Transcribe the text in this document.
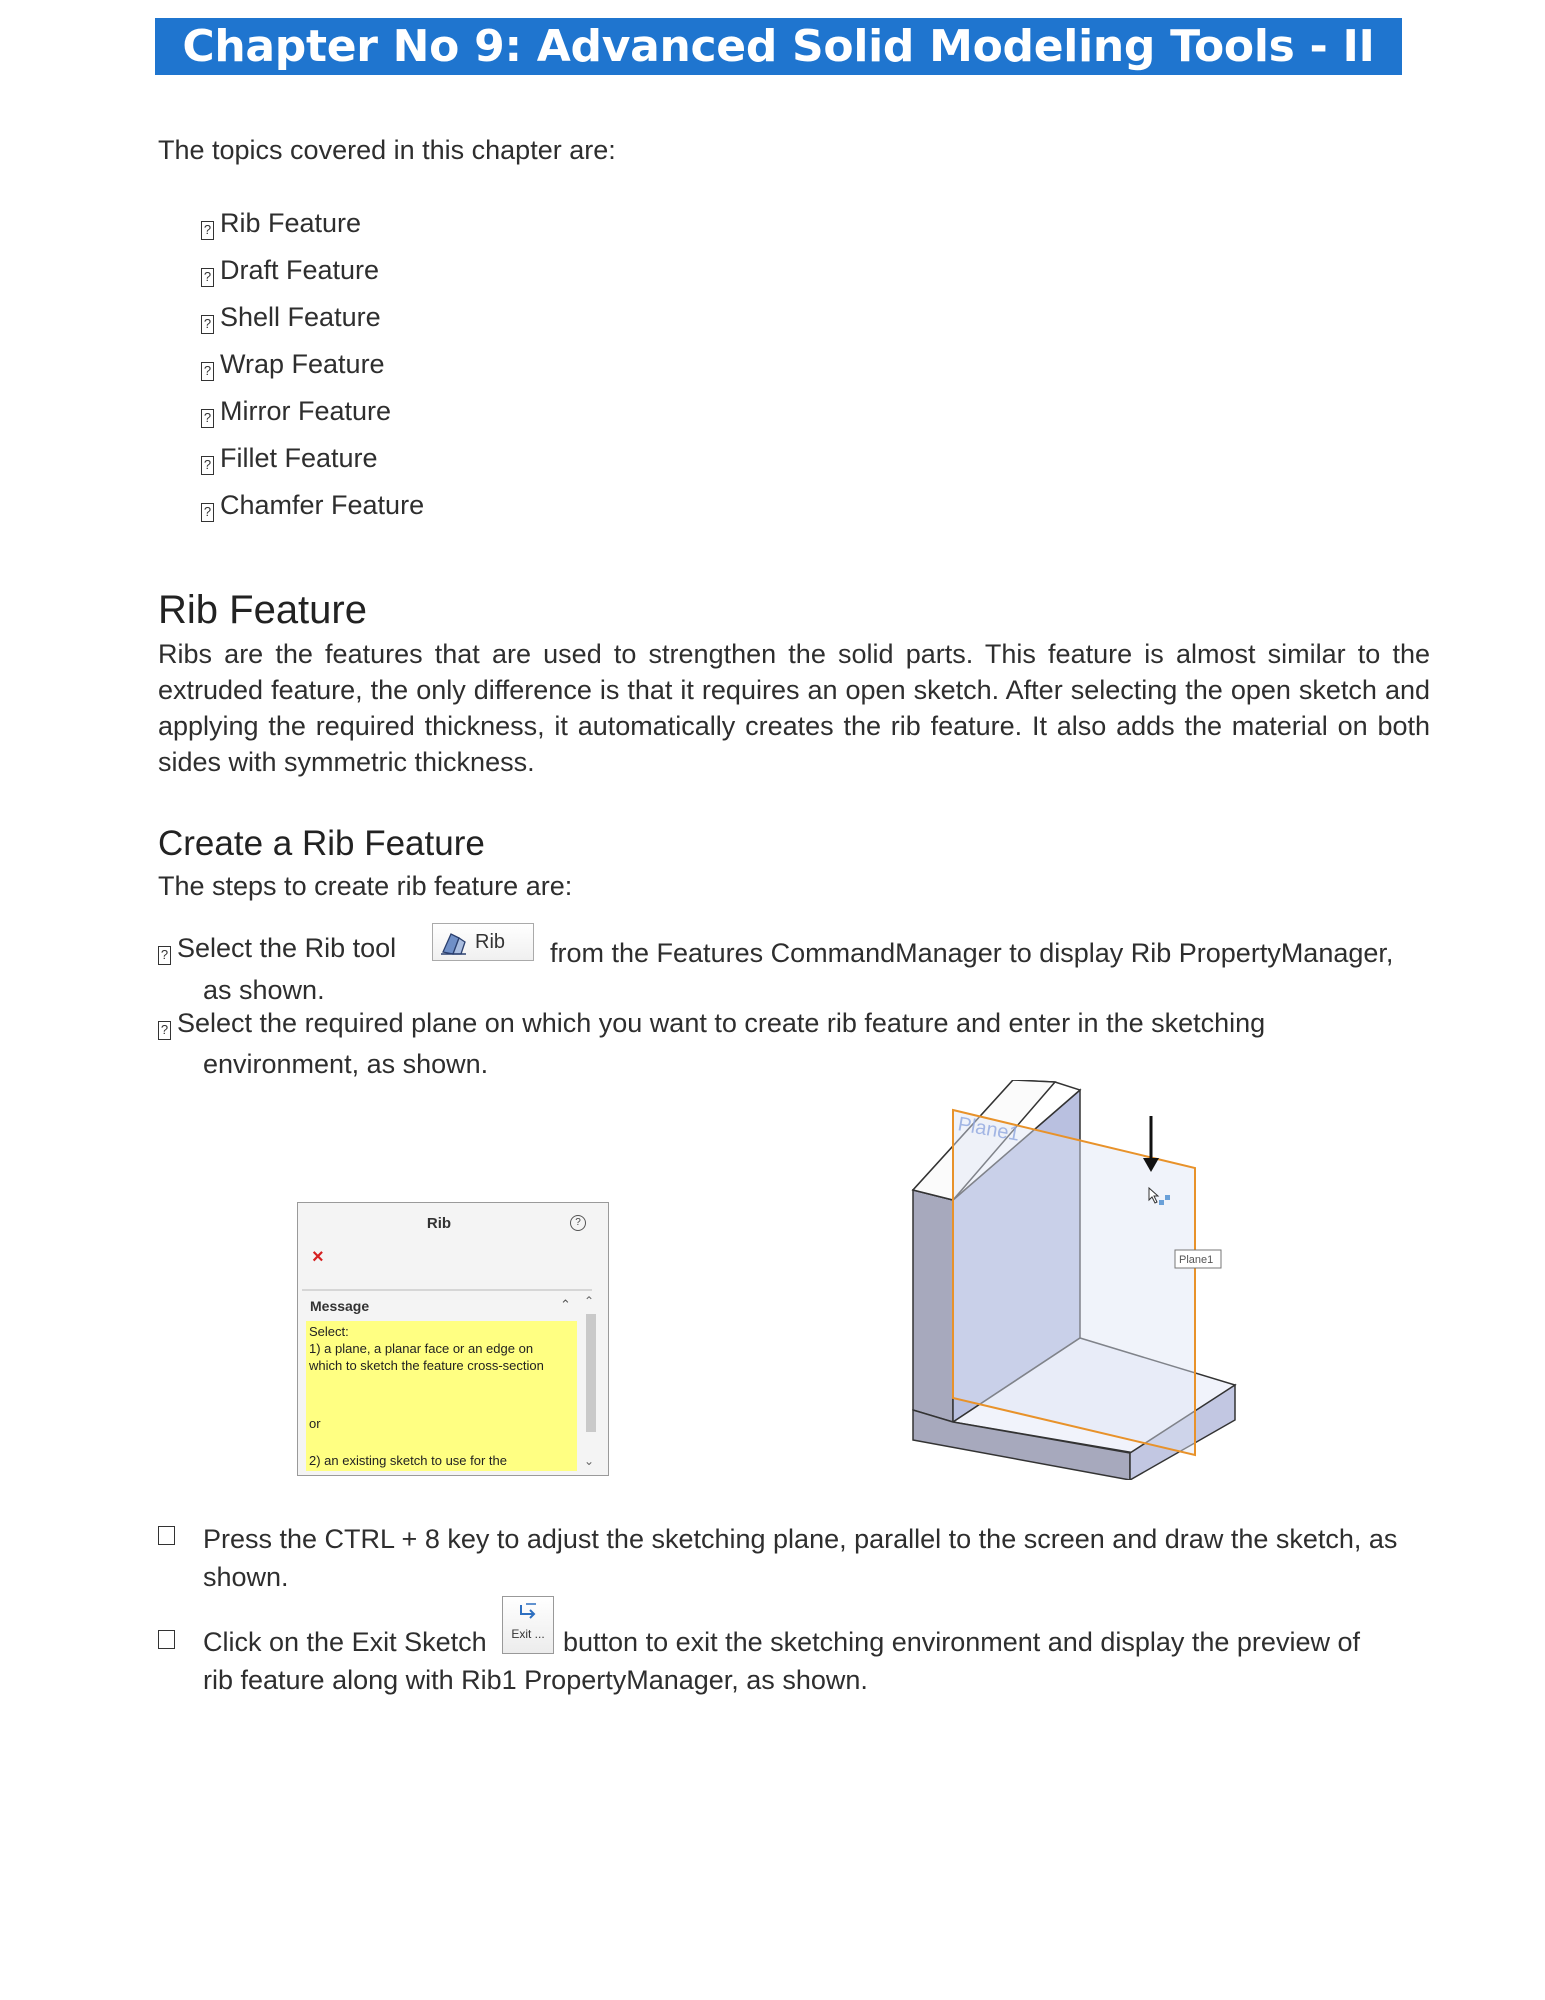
Chapter No 9: Advanced Solid Modeling Tools - II
The topics covered in this chapter are:
? Rib Feature
? Draft Feature
? Shell Feature
? Wrap Feature
? Mirror Feature
? Fillet Feature
? Chamfer Feature
Rib Feature
Ribs are the features that are used to strengthen the solid parts. This feature is almost similar to the extruded feature, the only difference is that it requires an open sketch. After selecting the open sketch and applying the required thickness, it automatically creates the rib feature. It also adds the material on both sides with symmetric thickness.
Create a Rib Feature
The steps to create rib feature are:
? Select the Rib tool	Rib from the Features CommandManager to display Rib PropertyManager,
as shown.
? Select the required plane on which you want to create rib feature and enter in the sketching
environment, as shown.
Rib	?
×
Message	⌃
Select:
1) a plane, a planar face or an edge on
which to sketch the feature cross-section
or
2) an existing sketch to use for the
⌃
⌄
Plane1
Plane1
Press the CTRL + 8 key to adjust the sketching plane, parallel to the screen and draw the sketch, as shown.
Click on the Exit Sketch	Exit ... button to exit the sketching environment and display the preview of
rib feature along with Rib1 PropertyManager, as shown.
